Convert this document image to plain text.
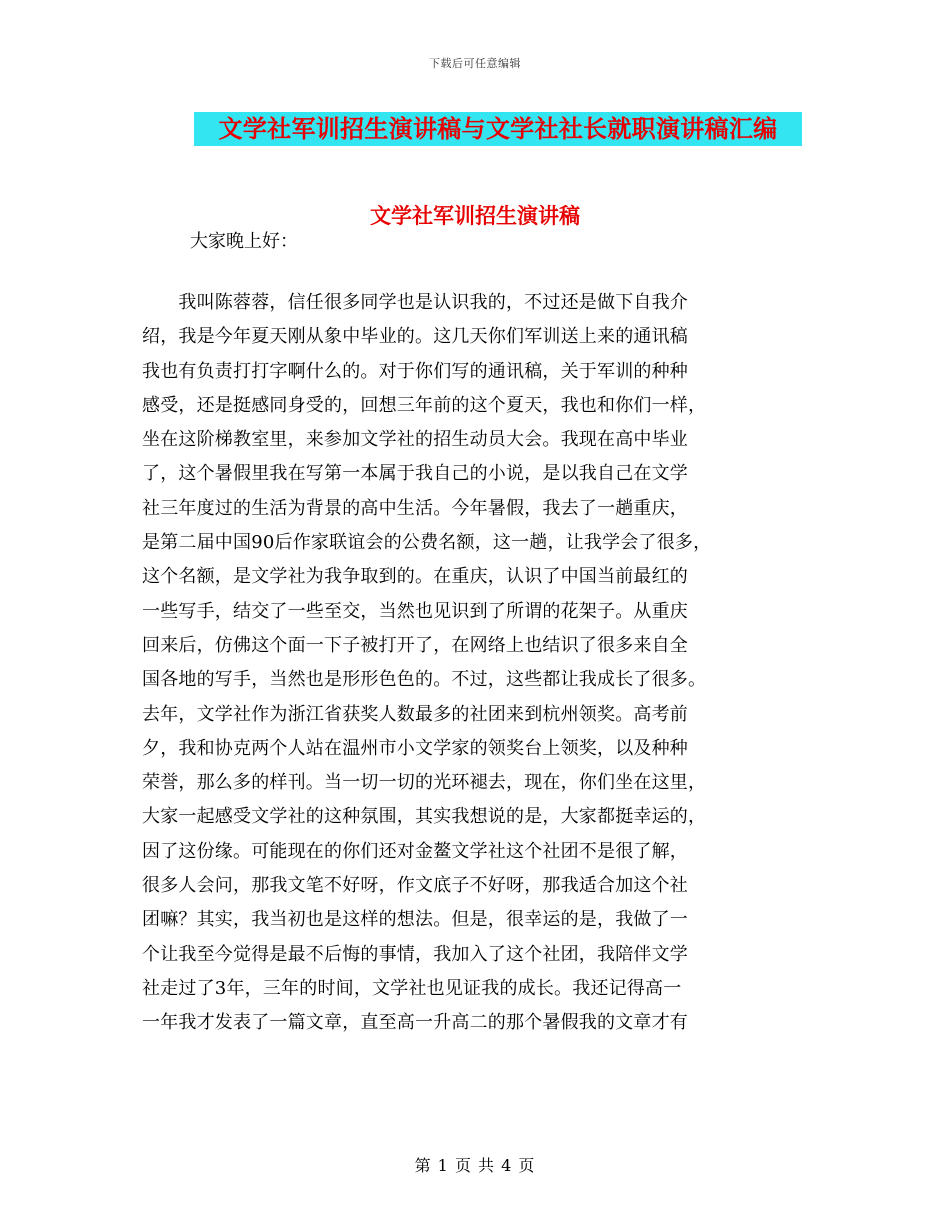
下载后可任意编辑
文学社军训招生演讲稿与文学社社长就职演讲稿汇编
文学社军训招生演讲稿
大家晚上好：
　　我叫陈蓉蓉，信任很多同学也是认识我的，不过还是做下自我介
绍，我是今年夏天刚从象中毕业的。这几天你们军训送上来的通讯稿
我也有负责打打字啊什么的。对于你们写的通讯稿，关于军训的种种
感受，还是挺感同身受的，回想三年前的这个夏天，我也和你们一样，
坐在这阶梯教室里，来参加文学社的招生动员大会。我现在高中毕业
了，这个暑假里我在写第一本属于我自己的小说，是以我自己在文学
社三年度过的生活为背景的高中生活。今年暑假，我去了一趟重庆，
是第二届中国90后作家联谊会的公费名额，这一趟，让我学会了很多，
这个名额，是文学社为我争取到的。在重庆，认识了中国当前最红的
一些写手，结交了一些至交，当然也见识到了所谓的花架子。从重庆
回来后，仿佛这个面一下子被打开了，在网络上也结识了很多来自全
国各地的写手，当然也是形形色色的。不过，这些都让我成长了很多。
去年，文学社作为浙江省获奖人数最多的社团来到杭州领奖。高考前
夕，我和协克两个人站在温州市小文学家的领奖台上领奖，以及种种
荣誉，那么多的样刊。当一切一切的光环褪去，现在，你们坐在这里，
大家一起感受文学社的这种氛围，其实我想说的是，大家都挺幸运的，
因了这份缘。可能现在的你们还对金鳌文学社这个社团不是很了解，
很多人会问，那我文笔不好呀，作文底子不好呀，那我适合加这个社
团嘛？其实，我当初也是这样的想法。但是，很幸运的是，我做了一
个让我至今觉得是最不后悔的事情，我加入了这个社团，我陪伴文学
社走过了3年，三年的时间，文学社也见证我的成长。我还记得高一
一年我才发表了一篇文章，直至高一升高二的那个暑假我的文章才有
第 1 页 共 4 页
